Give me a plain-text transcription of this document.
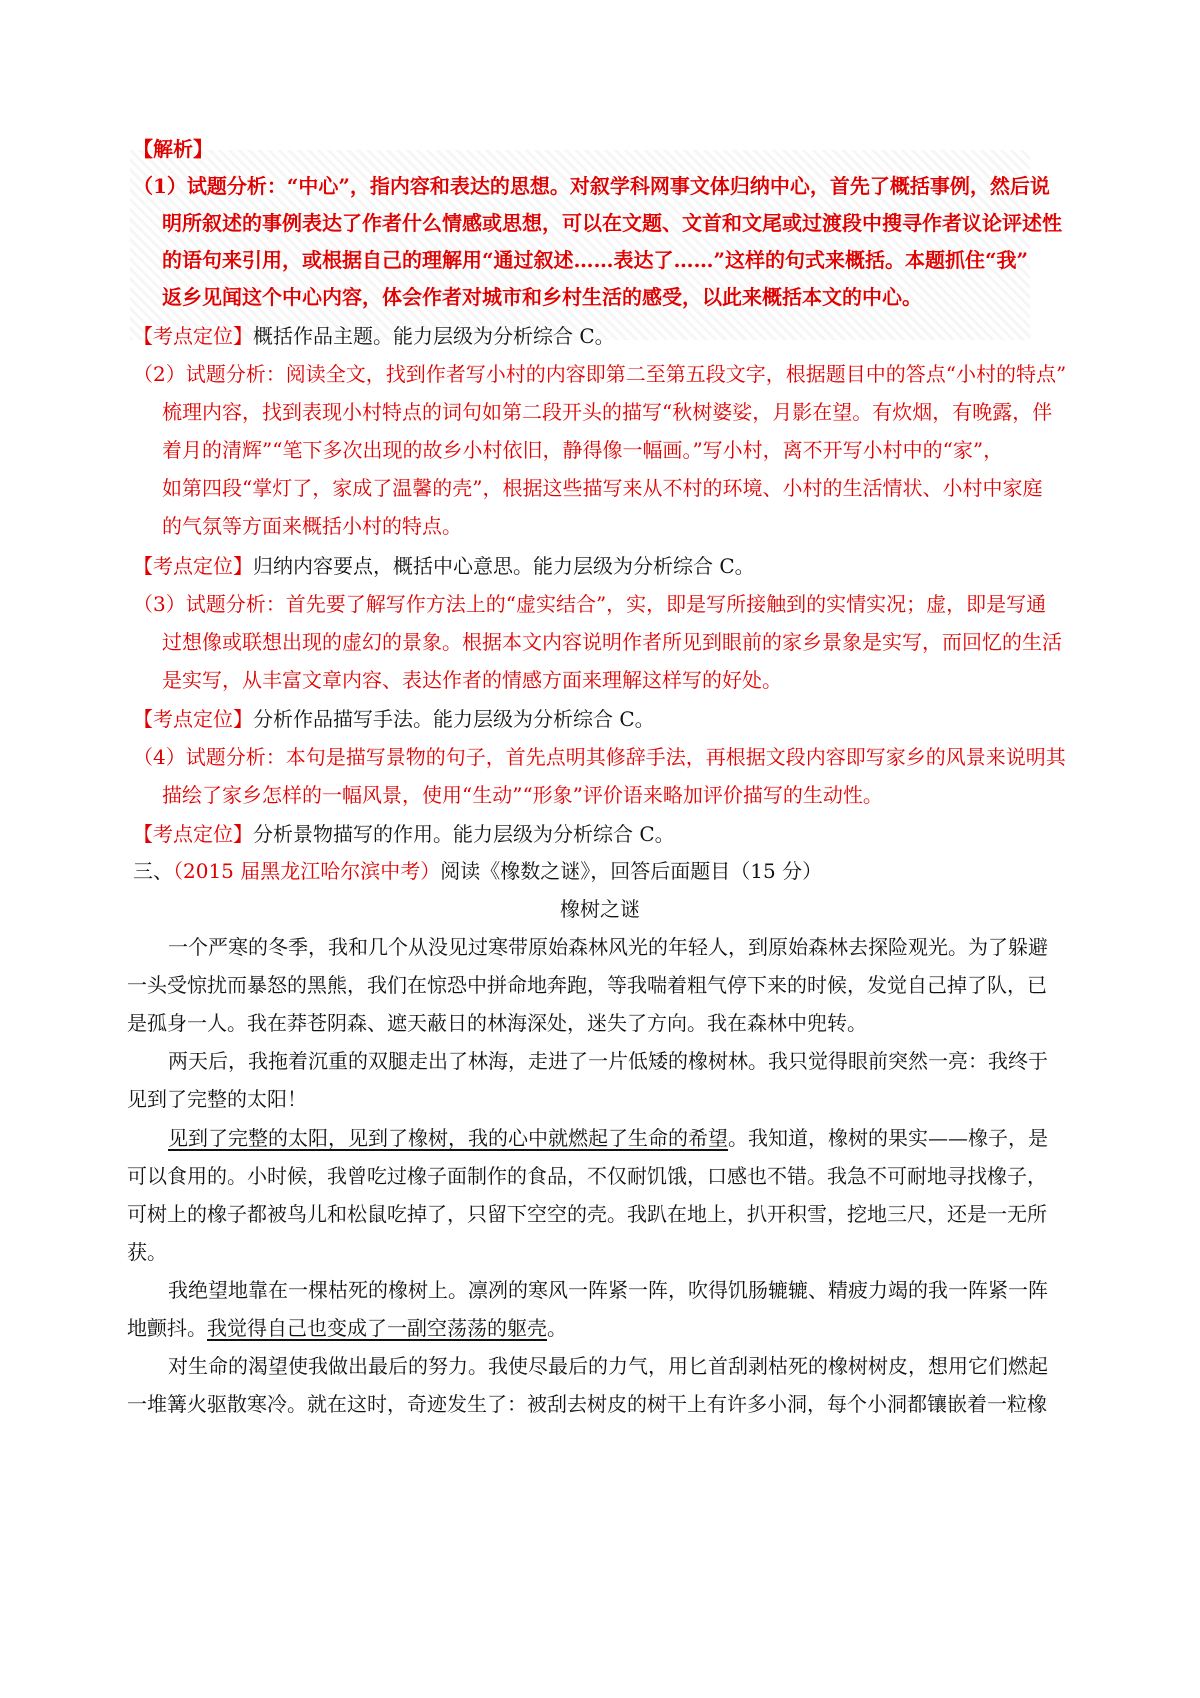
【解析】
（1）试题分析：“中心”，指内容和表达的思想。对叙学科网事文体归纳中心，首先了概括事例，然后说
明所叙述的事例表达了作者什么情感或思想，可以在文题、文首和文尾或过渡段中搜寻作者议论评述性
的语句来引用，或根据自己的理解用“通过叙述……表达了……”这样的句式来概括。本题抓住“我”
返乡见闻这个中心内容，体会作者对城市和乡村生活的感受，以此来概括本文的中心。
【考点定位】概括作品主题。能力层级为分析综合 C。
（2）试题分析：阅读全文，找到作者写小村的内容即第二至第五段文字，根据题目中的答点“小村的特点”
梳理内容，找到表现小村特点的词句如第二段开头的描写“秋树婆娑，月影在望。有炊烟，有晚露，伴
着月的清辉”“笔下多次出现的故乡小村依旧，静得像一幅画。”写小村，离不开写小村中的“家”，
如第四段“掌灯了，家成了温馨的壳”，根据这些描写来从不村的环境、小村的生活情状、小村中家庭
的气氛等方面来概括小村的特点。
【考点定位】归纳内容要点，概括中心意思。能力层级为分析综合 C。
（3）试题分析：首先要了解写作方法上的“虚实结合”，实，即是写所接触到的实情实况；虚，即是写通
过想像或联想出现的虚幻的景象。根据本文内容说明作者所见到眼前的家乡景象是实写，而回忆的生活
是实写，从丰富文章内容、表达作者的情感方面来理解这样写的好处。
【考点定位】分析作品描写手法。能力层级为分析综合 C。
（4）试题分析：本句是描写景物的句子，首先点明其修辞手法，再根据文段内容即写家乡的风景来说明其
描绘了家乡怎样的一幅风景，使用“生动”“形象”评价语来略加评价描写的生动性。
【考点定位】分析景物描写的作用。能力层级为分析综合 C。
三、（2015 届黑龙江哈尔滨中考）阅读《橡数之谜》，回答后面题目（15 分）
橡树之谜
一个严寒的冬季，我和几个从没见过寒带原始森林风光的年轻人，到原始森林去探险观光。为了躲避
一头受惊扰而暴怒的黑熊，我们在惊恐中拼命地奔跑，等我喘着粗气停下来的时候，发觉自己掉了队，已
是孤身一人。我在莽苍阴森、遮天蔽日的林海深处，迷失了方向。我在森林中兜转。
两天后，我拖着沉重的双腿走出了林海，走进了一片低矮的橡树林。我只觉得眼前突然一亮：我终于
见到了完整的太阳！
见到了完整的太阳，见到了橡树，我的心中就燃起了生命的希望。我知道，橡树的果实——橡子，是
可以食用的。小时候，我曾吃过橡子面制作的食品，不仅耐饥饿，口感也不错。我急不可耐地寻找橡子，
可树上的橡子都被鸟儿和松鼠吃掉了，只留下空空的壳。我趴在地上，扒开积雪，挖地三尺，还是一无所
获。
我绝望地靠在一棵枯死的橡树上。凛冽的寒风一阵紧一阵，吹得饥肠辘辘、精疲力竭的我一阵紧一阵
地颤抖。我觉得自己也变成了一副空荡荡的躯壳。
对生命的渴望使我做出最后的努力。我使尽最后的力气，用匕首刮剥枯死的橡树树皮，想用它们燃起
一堆篝火驱散寒冷。就在这时，奇迹发生了：被刮去树皮的树干上有许多小洞，每个小洞都镶嵌着一粒橡
